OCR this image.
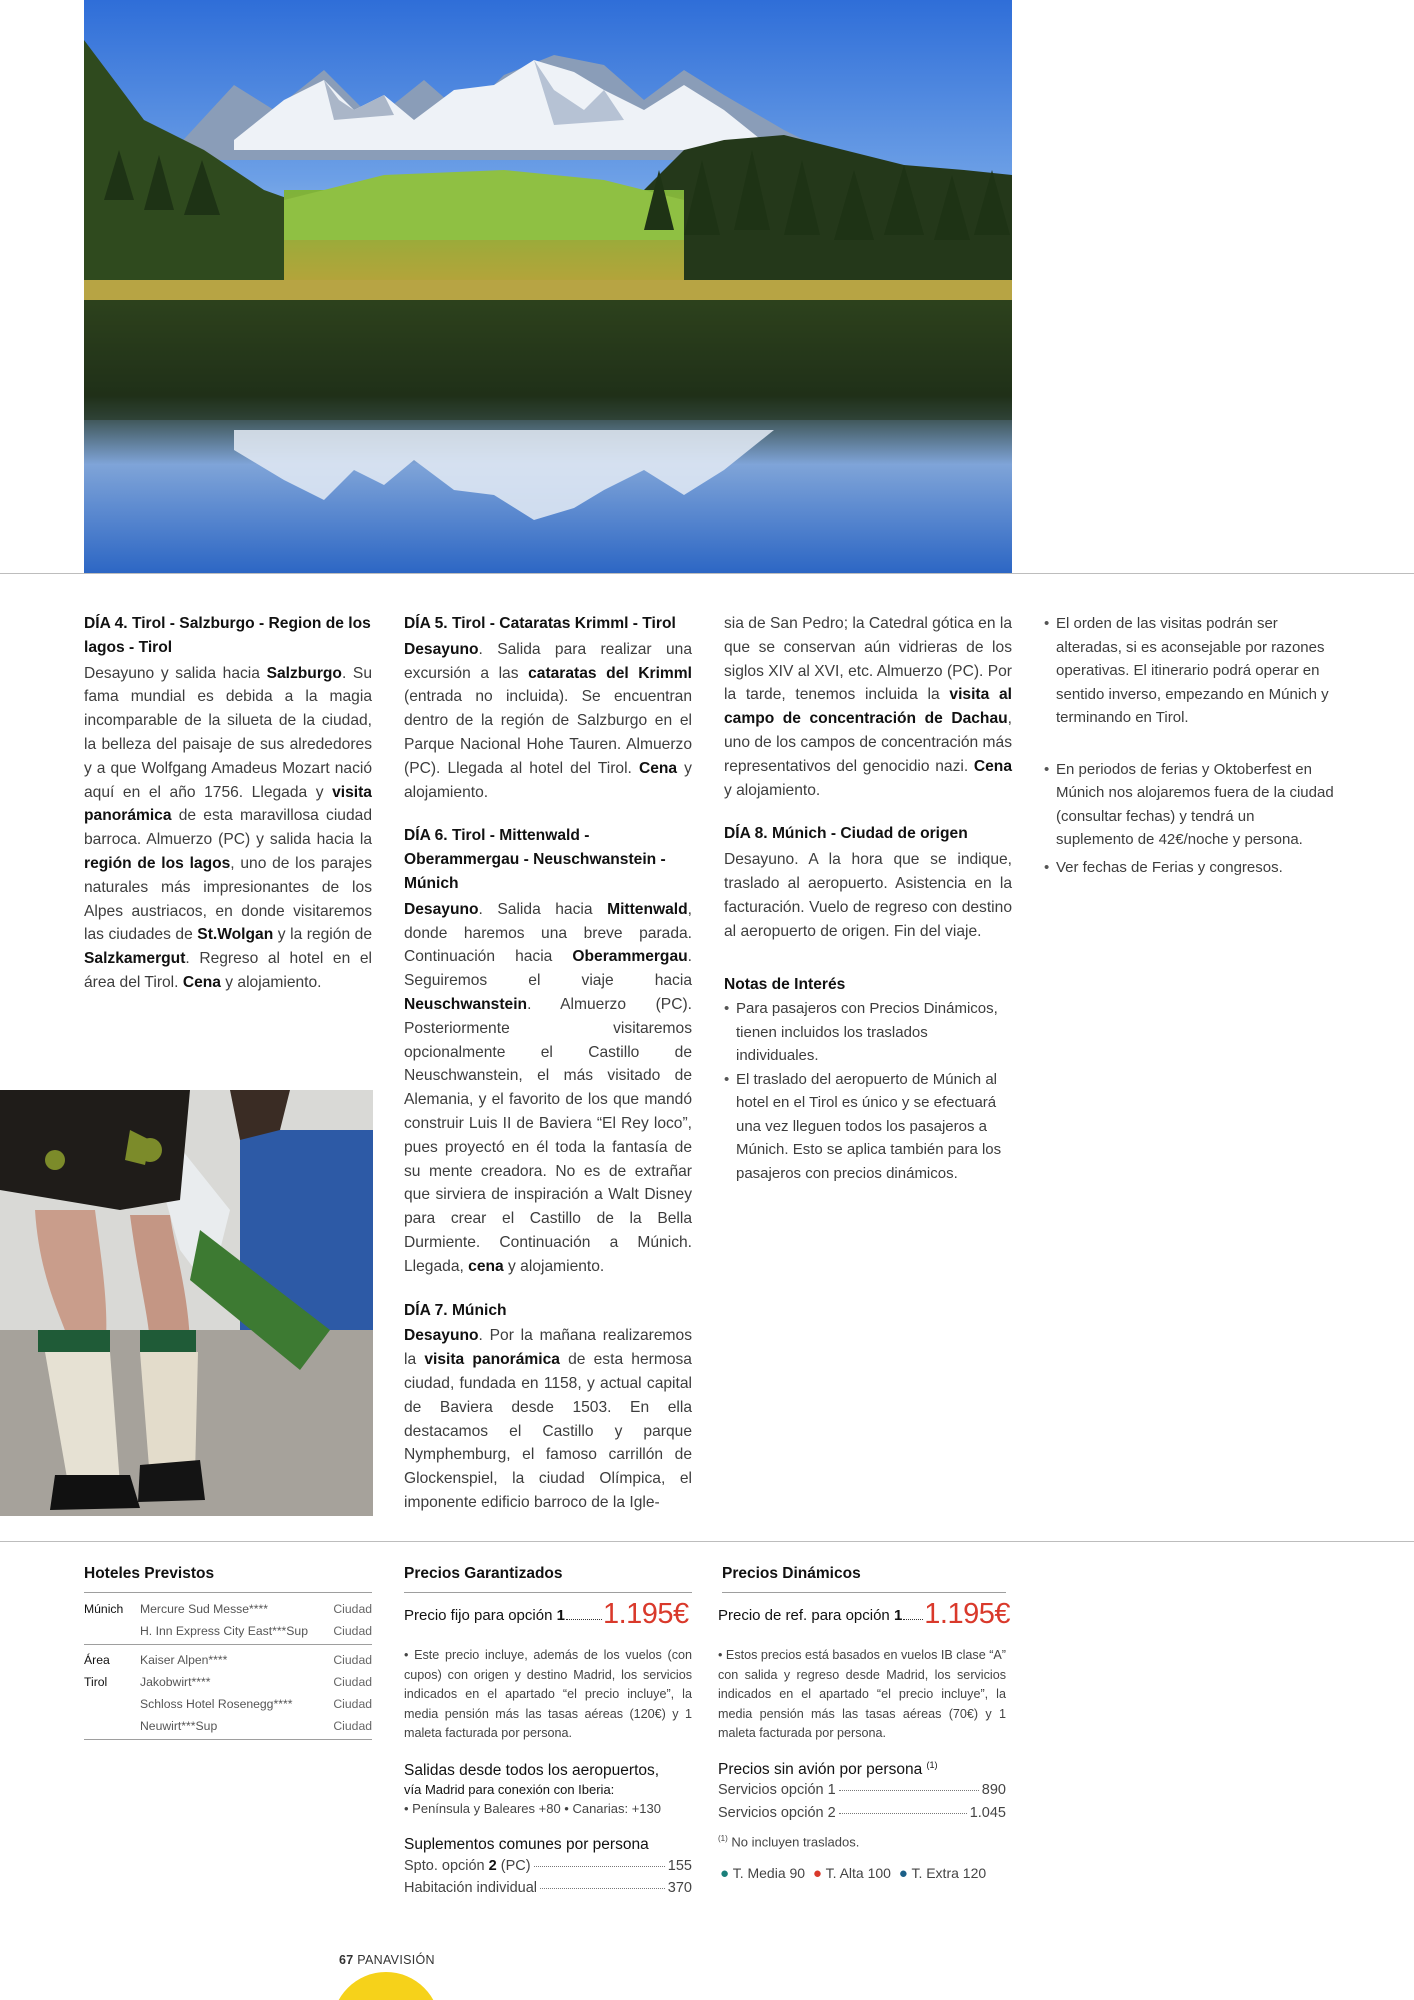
DÍA 4. Tirol - Salzburgo - Region de los lagos - Tirol

Desayuno y salida hacia Salzburgo. Su fama mundial es debida a la magia incomparable de la silueta de la ciudad, la belleza del paisaje de sus alrededores y a que Wolfgang Amadeus Mozart nació aquí en el año 1756. Llegada y visita panorámica de esta maravillosa ciudad barroca. Almuerzo (PC) y salida hacia la región de los lagos, uno de los parajes naturales más impresionantes de los Alpes austriacos, en donde visitaremos las ciudades de St.Wolgan y la región de Salzkamergut. Regreso al hotel en el área del Tirol. Cena y alojamiento.

DÍA 5. Tirol - Cataratas Krimml - Tirol

Desayuno. Salida para realizar una excursión a las cataratas del Krimml (entrada no incluida). Se encuentran dentro de la región de Salzburgo en el Parque Nacional Hohe Tauren. Almuerzo (PC). Llegada al hotel del Tirol. Cena y alojamiento.

DÍA 6. Tirol - Mittenwald - Oberammergau - Neuschwanstein - Múnich

Desayuno. Salida hacia Mittenwald, donde haremos una breve parada. Continuación hacia Oberammergau. Seguiremos el viaje hacia Neuschwanstein. Almuerzo (PC). Posteriormente visitaremos opcionalmente el Castillo de Neuschwanstein, el más visitado de Alemania, y el favorito de los que mandó construir Luis II de Baviera “El Rey loco”, pues proyectó en él toda la fantasía de su mente creadora. No es de extrañar que sirviera de inspiración a Walt Disney para crear el Castillo de la Bella Durmiente. Continuación a Múnich. Llegada, cena y alojamiento.

DÍA 7. Múnich

Desayuno. Por la mañana realizaremos la visita panorámica de esta hermosa ciudad, fundada en 1158, y actual capital de Baviera desde 1503. En ella destacamos el Castillo y parque Nymphemburg, el famoso carrillón de Glockenspiel, la ciudad Olímpica, el imponente edificio barroco de la Igle-

sia de San Pedro; la Catedral gótica en la que se conservan aún vidrieras de los siglos XIV al XVI, etc. Almuerzo (PC). Por la tarde, tenemos incluida la visita al campo de concentración de Dachau, uno de los campos de concentración más representativos del genocidio nazi. Cena y alojamiento.

DÍA 8. Múnich - Ciudad de origen

Desayuno. A la hora que se indique, traslado al aeropuerto. Asistencia en la facturación. Vuelo de regreso con destino al aeropuerto de origen. Fin del viaje.

Notas de Interés

• Para pasajeros con Precios Dinámicos, tienen incluidos los traslados individuales.
• El traslado del aeropuerto de Múnich al hotel en el Tirol es único y se efectuará una vez lleguen todos los pasajeros a Múnich. Esto se aplica también para los pasajeros con precios dinámicos.
• El orden de las visitas podrán ser alteradas, si es aconsejable por razones operativas. El itinerario podrá operar en sentido inverso, empezando en Múnich y terminando en Tirol.
• En periodos de ferias y Oktoberfest en Múnich nos alojaremos fuera de la ciudad (consultar fechas) y tendrá un suplemento de 42€/noche y persona.
• Ver fechas de Ferias y congresos.
Hoteles Previstos
Múnich	Mercure Sud Messe****	Ciudad
	H. Inn Express City East***Sup	Ciudad
Área	Kaiser Alpen****	Ciudad
Tirol	Jakobwirt****	Ciudad
	Schloss Hotel Rosenegg****	Ciudad
	Neuwirt***Sup	Ciudad
Precios Garantizados
Precio fijo para opción 1 1.195€
• Este precio incluye, además de los vuelos (con cupos) con origen y destino Madrid, los servicios indicados en el apartado “el precio incluye”, la media pensión más las tasas aéreas (120€) y 1 maleta facturada por persona.
Salidas desde todos los aeropuertos,
vía Madrid para conexión con Iberia:
• Península y Baleares +80 • Canarias: +130
Suplementos comunes por persona
Spto. opción 2 (PC)	155
Habitación individual	370
Precios Dinámicos
Precio de ref. para opción 1 1.195€
• Estos precios está basados en vuelos IB clase “A” con salida y regreso desde Madrid, los servicios indicados en el apartado “el precio incluye”, la media pensión más las tasas aéreas (70€) y 1 maleta facturada por persona.
Precios sin avión por persona $^{(1)}$
Servicios opción 1	890
Servicios opción 2	1.045
$^{(1)}$ No incluyen traslados.
● T. Media 90 ● T. Alta 100 ● T. Extra 120
67 PANAVISIÓN
